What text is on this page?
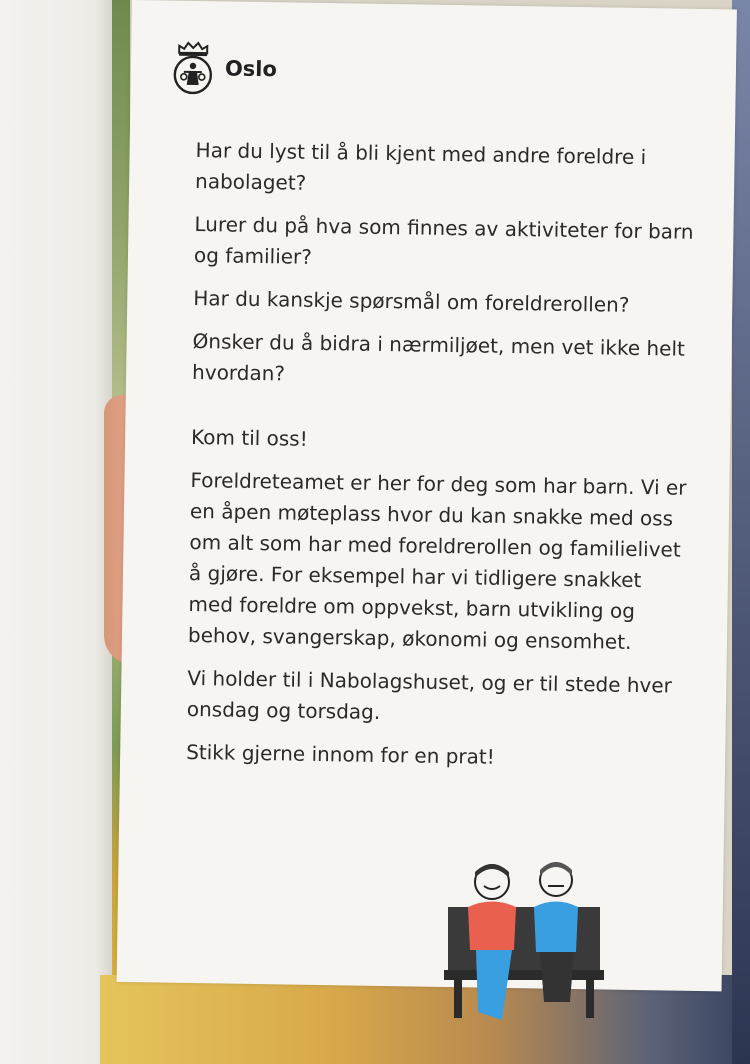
Oslo

Har du lyst til å bli kjent med andre foreldre i nabolaget?

Lurer du på hva som finnes av aktiviteter for barn og familier?

Har du kanskje spørsmål om foreldrerollen?

Ønsker du å bidra i nærmiljøet, men vet ikke helt hvordan?

Kom til oss!

Foreldreteamet er her for deg som har barn. Vi er en åpen møteplass hvor du kan snakke med oss om alt som har med foreldrerollen og familielivet å gjøre. For eksempel har vi tidligere snakket med foreldre om oppvekst, barn utvikling og behov, svangerskap, økonomi og ensomhet.

Vi holder til i Nabolagshuset, og er til stede hver onsdag og torsdag.

Stikk gjerne innom for en prat!
